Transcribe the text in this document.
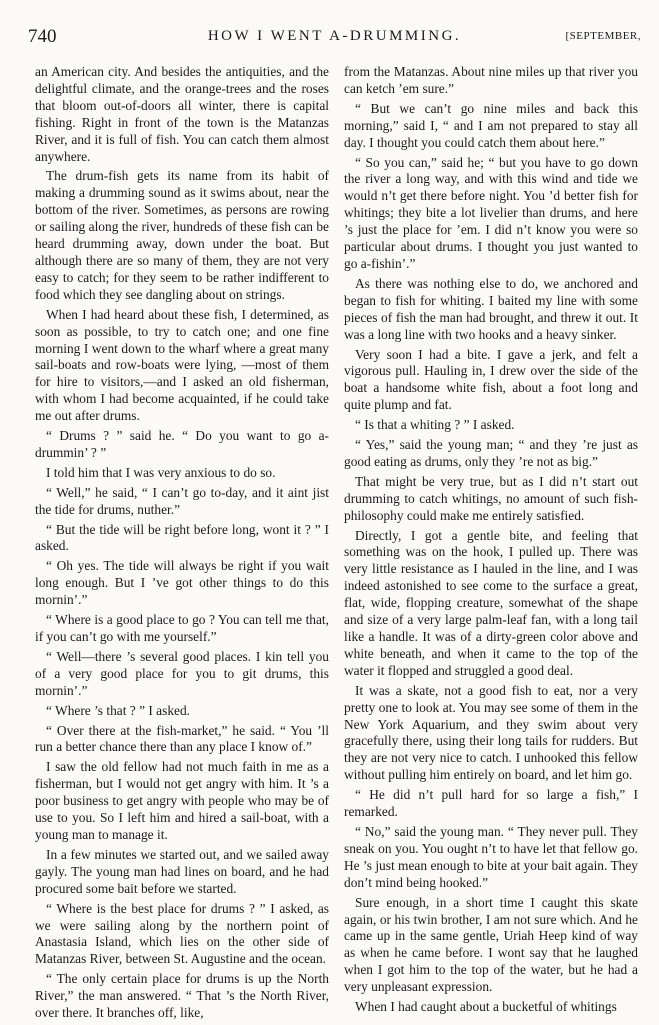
740	HOW I WENT A-DRUMMING.	[SEPTEMBER,

an American city. And besides the antiquities, and the delightful climate, and the orange-trees and the roses that bloom out-of-doors all winter, there is capital fishing. Right in front of the town is the Matanzas River, and it is full of fish. You can catch them almost anywhere.

The drum-fish gets its name from its habit of making a drumming sound as it swims about, near the bottom of the river. Sometimes, as persons are rowing or sailing along the river, hundreds of these fish can be heard drumming away, down under the boat. But although there are so many of them, they are not very easy to catch; for they seem to be rather indifferent to food which they see dangling about on strings.

When I had heard about these fish, I determined, as soon as possible, to try to catch one; and one fine morning I went down to the wharf where a great many sail-boats and row-boats were lying, —most of them for hire to visitors,—and I asked an old fisherman, with whom I had become acquainted, if he could take me out after drums.

“ Drums ? ” said he. “ Do you want to go a-drummin’ ? ”

I told him that I was very anxious to do so.

“ Well,” he said, “ I can’t go to-day, and it aint jist the tide for drums, nuther.”

“ But the tide will be right before long, wont it ? ” I asked.

“ Oh yes. The tide will always be right if you wait long enough. But I ’ve got other things to do this mornin’.”

“ Where is a good place to go ? You can tell me that, if you can’t go with me yourself.”

“ Well—there ’s several good places. I kin tell you of a very good place for you to git drums, this mornin’.”

“ Where ’s that ? ” I asked.

“ Over there at the fish-market,” he said. “ You ’ll run a better chance there than any place I know of.”

I saw the old fellow had not much faith in me as a fisherman, but I would not get angry with him. It ’s a poor business to get angry with people who may be of use to you. So I left him and hired a sail-boat, with a young man to manage it.

In a few minutes we started out, and we sailed away gayly. The young man had lines on board, and he had procured some bait before we started.

“ Where is the best place for drums ? ” I asked, as we were sailing along by the northern point of Anastasia Island, which lies on the other side of Matanzas River, between St. Augustine and the ocean.

“ The only certain place for drums is up the North River,” the man answered. “ That ’s the North River, over there. It branches off, like,

from the Matanzas. About nine miles up that river you can ketch ’em sure.”

“ But we can’t go nine miles and back this morning,” said I, “ and I am not prepared to stay all day. I thought you could catch them about here.”

“ So you can,” said he; “ but you have to go down the river a long way, and with this wind and tide we would n’t get there before night. You ’d better fish for whitings; they bite a lot livelier than drums, and here ’s just the place for ’em. I did n’t know you were so particular about drums. I thought you just wanted to go a-fishin’.”

As there was nothing else to do, we anchored and began to fish for whiting. I baited my line with some pieces of fish the man had brought, and threw it out. It was a long line with two hooks and a heavy sinker.

Very soon I had a bite. I gave a jerk, and felt a vigorous pull. Hauling in, I drew over the side of the boat a handsome white fish, about a foot long and quite plump and fat.

“ Is that a whiting ? ” I asked.

“ Yes,” said the young man; “ and they ’re just as good eating as drums, only they ’re not as big.”

That might be very true, but as I did n’t start out drumming to catch whitings, no amount of such fish-philosophy could make me entirely satisfied.

Directly, I got a gentle bite, and feeling that something was on the hook, I pulled up. There was very little resistance as I hauled in the line, and I was indeed astonished to see come to the surface a great, flat, wide, flopping creature, somewhat of the shape and size of a very large palm-leaf fan, with a long tail like a handle. It was of a dirty-green color above and white beneath, and when it came to the top of the water it flopped and struggled a good deal.

It was a skate, not a good fish to eat, nor a very pretty one to look at. You may see some of them in the New York Aquarium, and they swim about very gracefully there, using their long tails for rudders. But they are not very nice to catch. I unhooked this fellow without pulling him entirely on board, and let him go.

“ He did n’t pull hard for so large a fish,” I remarked.

“ No,” said the young man. “ They never pull. They sneak on you. You ought n’t to have let that fellow go. He ’s just mean enough to bite at your bait again. They don’t mind being hooked.”

Sure enough, in a short time I caught this skate again, or his twin brother, I am not sure which. And he came up in the same gentle, Uriah Heep kind of way as when he came before. I wont say that he laughed when I got him to the top of the water, but he had a very unpleasant expression.

When I had caught about a bucketful of whitings
